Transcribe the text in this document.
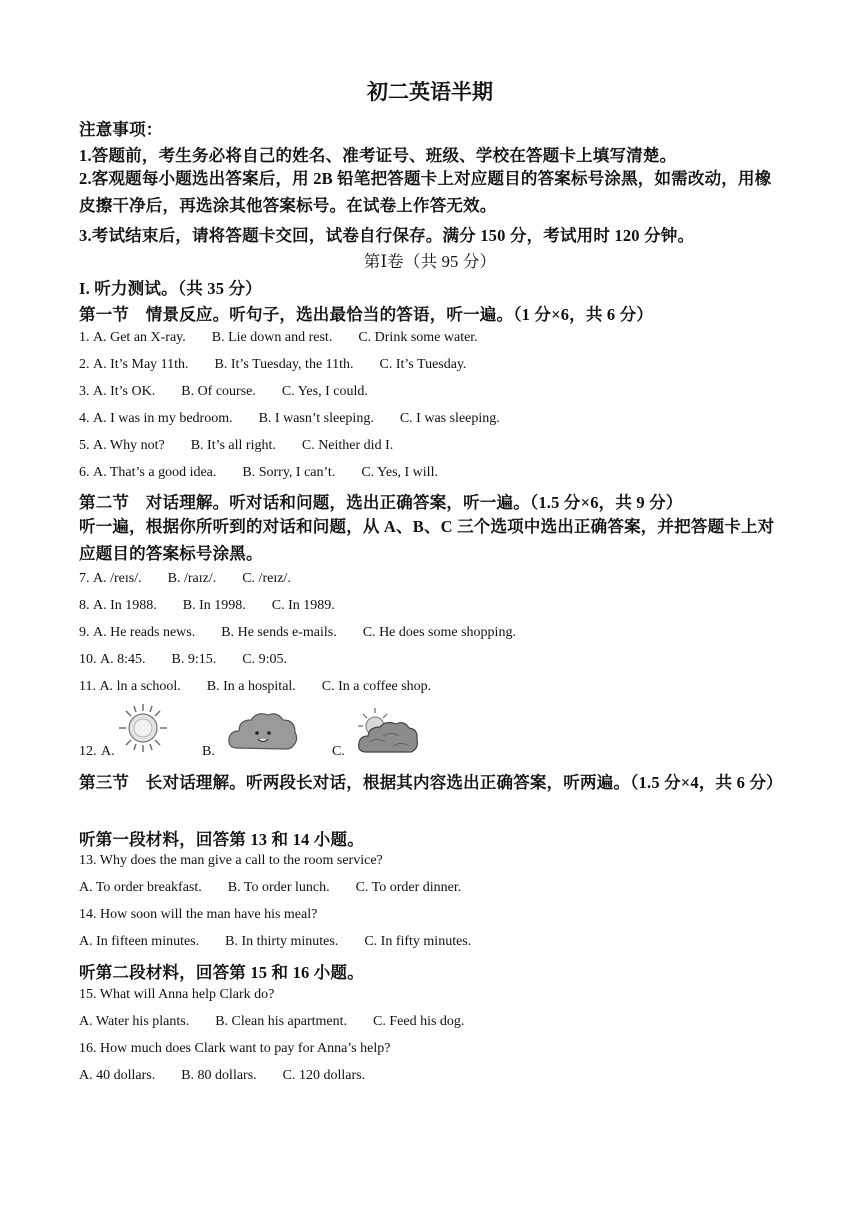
初二英语半期
注意事项：
1.答题前，考生务必将自己的姓名、准考证号、班级、学校在答题卡上填写清楚。
2.客观题每小题选出答案后，用 2B 铅笔把答题卡上对应题目的答案标号涂黑，如需改动，用橡皮擦干净后，再选涂其他答案标号。在试卷上作答无效。
3.考试结束后，请将答题卡交回，试卷自行保存。满分 150 分，考试用时 120 分钟。
第Ⅰ卷（共 95 分）
I. 听力测试。（共 35 分）
第一节　情景反应。听句子，选出最恰当的答语，听一遍。（1 分×6，共 6 分）
1. A. Get an X-ray. B. Lie down and rest. C. Drink some water.
2. A. It’s May 11th. B. It’s Tuesday, the 11th. C. It’s Tuesday.
3. A. It’s OK. B. Of course. C. Yes, I could.
4. A. I was in my bedroom. B. I wasn’t sleeping. C. I was sleeping.
5. A. Why not? B. It’s all right. C. Neither did I.
6. A. That’s a good idea. B. Sorry, I can’t. C. Yes, I will.
第二节　对话理解。听对话和问题，选出正确答案，听一遍。（1.5 分×6，共 9 分）
听一遍，根据你所听到的对话和问题，从 A、B、C 三个选项中选出正确答案，并把答题卡上对应题目的答案标号涂黑。
7. A. /reɪs/. B. /raɪz/. C. /reɪz/.
8. A. In 1988. B. In 1998. C. In 1989.
9. A. He reads news. B. He sends e-mails. C. He does some shopping.
10. A. 8:45. B. 9:15. C. 9:05.
11. A. ln a school. B. In a hospital. C. In a coffee shop.
12. A.	B.	C.
第三节　长对话理解。听两段长对话，根据其内容选出正确答案，听两遍。（1.5 分×4，共 6 分）
听第一段材料，回答第 13 和 14 小题。
13. Why does the man give a call to the room service?
A. To order breakfast. B. To order lunch. C. To order dinner.
14. How soon will the man have his meal?
A. In fifteen minutes. B. In thirty minutes. C. In fifty minutes.
听第二段材料，回答第 15 和 16 小题。
15. What will Anna help Clark do?
A. Water his plants. B. Clean his apartment. C. Feed his dog.
16. How much does Clark want to pay for Anna’s help?
A. 40 dollars. B. 80 dollars. C. 120 dollars.
